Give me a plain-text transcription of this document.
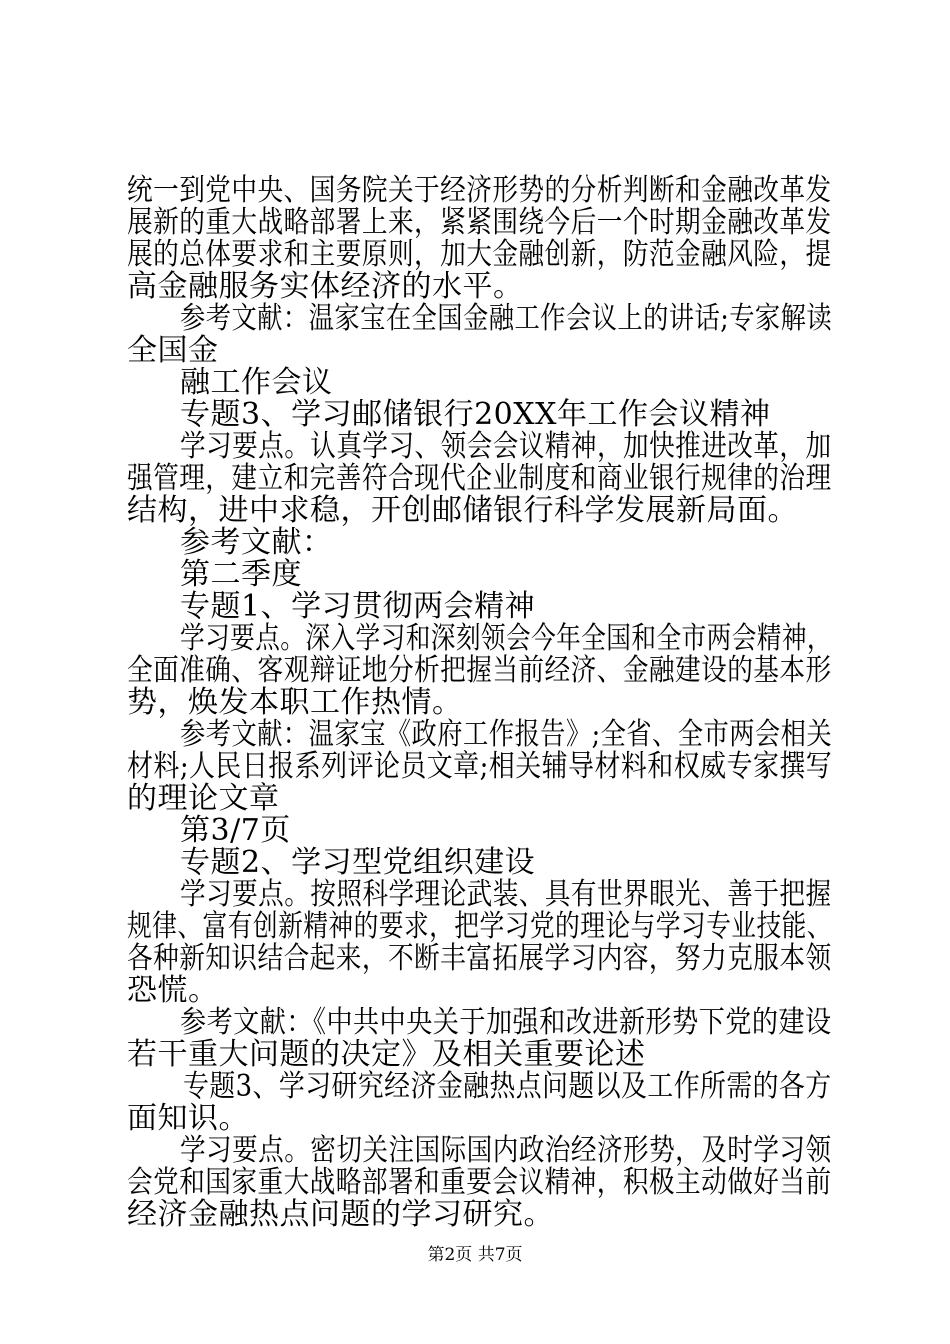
统一到党中央、国务院关于经济形势的分析判断和金融改革发
展新的重大战略部署上来，紧紧围绕今后一个时期金融改革发
展的总体要求和主要原则，加大金融创新，防范金融风险，提
高金融服务实体经济的水平。
参考文献：温家宝在全国金融工作会议上的讲话;专家解读
全国金
融工作会议
专题3、学习邮储银行20XX年工作会议精神
学习要点。认真学习、领会会议精神，加快推进改革，加
强管理，建立和完善符合现代企业制度和商业银行规律的治理
结构，进中求稳，开创邮储银行科学发展新局面。
参考文献：
第二季度
专题1、学习贯彻两会精神
学习要点。深入学习和深刻领会今年全国和全市两会精神，
全面准确、客观辩证地分析把握当前经济、金融建设的基本形
势，焕发本职工作热情。
参考文献：温家宝《政府工作报告》;全省、全市两会相关
材料;人民日报系列评论员文章;相关辅导材料和权威专家撰写
的理论文章
第3/7页
专题2、学习型党组织建设
学习要点。按照科学理论武装、具有世界眼光、善于把握
规律、富有创新精神的要求，把学习党的理论与学习专业技能、
各种新知识结合起来，不断丰富拓展学习内容，努力克服本领
恐慌。
参考文献：《中共中央关于加强和改进新形势下党的建设
若干重大问题的决定》及相关重要论述
专题3、学习研究经济金融热点问题以及工作所需的各方
面知识。
学习要点。密切关注国际国内政治经济形势，及时学习领
会党和国家重大战略部署和重要会议精神，积极主动做好当前
经济金融热点问题的学习研究。
第2页 共7页
